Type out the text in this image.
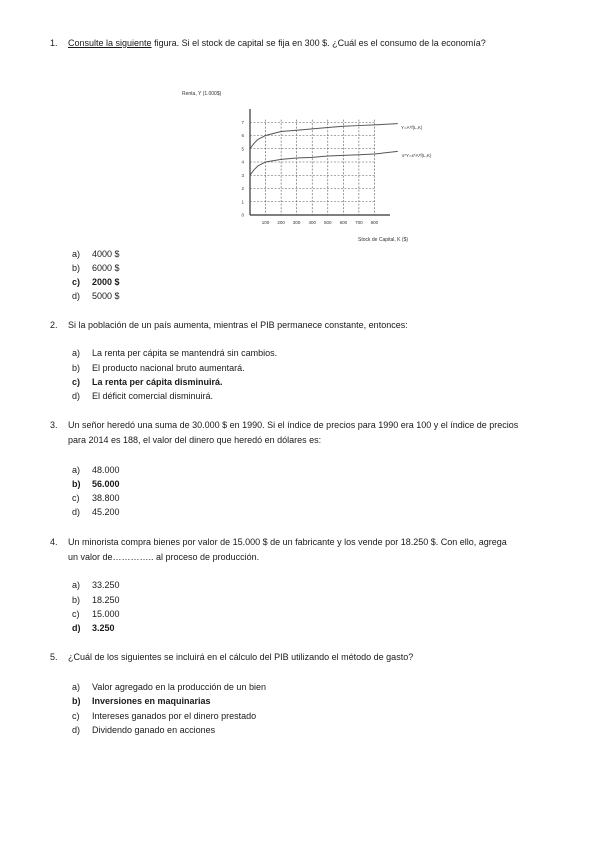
1.	Consulte la siguiente figura. Si el stock de capital se fija en 300 $. ¿Cuál es el consumo de la economía?
100 200 300 400 500 600 700 800
0
1
2
3
4
5
6
7
Renta, Y (1.000$)
Stock de Capital, K ($)
Y=A*f(L,K)
s*Y=s*A*f(L,K)
a) 4000 $
b) 6000 $
c) 2000 $
d) 5000 $
2.	Si la población de un país aumenta, mientras el PIB permanece constante, entonces:
a) La renta per cápita se mantendrá sin cambios.
b) El producto nacional bruto aumentará.
c) La renta per cápita disminuirá.
d) El déficit comercial disminuirá.
3.	Un señor heredó una suma de 30.000 $ en 1990. Si el índice de precios para 1990 era 100 y el índice de precios
para 2014 es 188, el valor del dinero que heredó en dólares es:
a) 48.000
b) 56.000
c) 38.800
d) 45.200
4.	Un minorista compra bienes por valor de 15.000 $ de un fabricante y los vende por 18.250 $. Con ello, agrega
un valor de………….. al proceso de producción.
a) 33.250
b) 18.250
c) 15.000
d) 3.250
5.	¿Cuál de los siguientes se incluirá en el cálculo del PIB utilizando el método de gasto?
a) Valor agregado en la producción de un bien
b) Inversiones en maquinarias
c) Intereses ganados por el dinero prestado
d) Dividendo ganado en acciones
